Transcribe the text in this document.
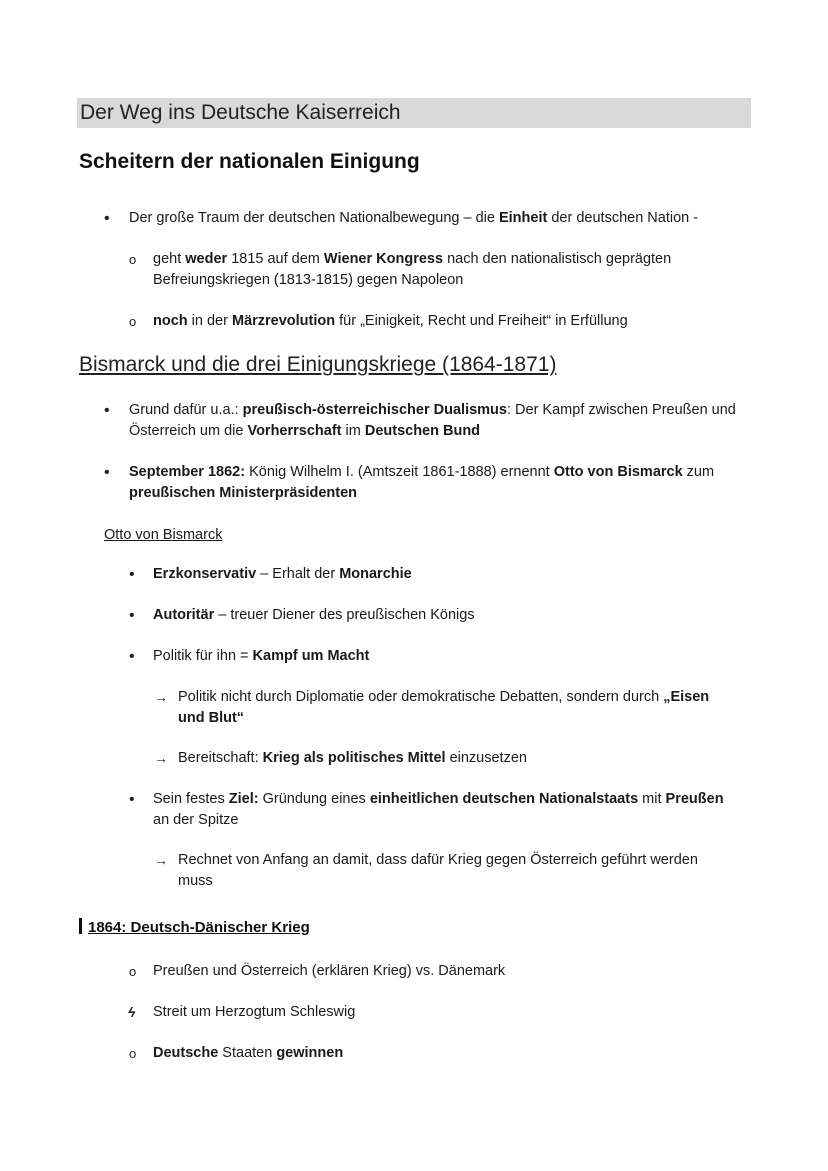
Der Weg ins Deutsche Kaiserreich
Scheitern der nationalen Einigung
• Der große Traum der deutschen Nationalbewegung – die Einheit der deutschen Nation -
o geht weder 1815 auf dem Wiener Kongress nach den nationalistisch geprägten
Befreiungskriegen (1813-1815) gegen Napoleon
o noch in der Märzrevolution für „Einigkeit, Recht und Freiheit“ in Erfüllung
Bismarck und die drei Einigungskriege (1864-1871)
• Grund dafür u.a.: preußisch-österreichischer Dualismus: Der Kampf zwischen Preußen und
Österreich um die Vorherrschaft im Deutschen Bund
• September 1862: König Wilhelm I. (Amtszeit 1861-1888) ernennt Otto von Bismarck zum
preußischen Ministerpräsidenten
Otto von Bismarck
• Erzkonservativ – Erhalt der Monarchie
• Autoritär – treuer Diener des preußischen Königs
• Politik für ihn = Kampf um Macht
→ Politik nicht durch Diplomatie oder demokratische Debatten, sondern durch „Eisen
und Blut“
→ Bereitschaft: Krieg als politisches Mittel einzusetzen
• Sein festes Ziel: Gründung eines einheitlichen deutschen Nationalstaats mit Preußen
an der Spitze
→ Rechnet von Anfang an damit, dass dafür Krieg gegen Österreich geführt werden
muss
1864: Deutsch-Dänischer Krieg
o Preußen und Österreich (erklären Krieg) vs. Dänemark
ϟ Streit um Herzogtum Schleswig
o Deutsche Staaten gewinnen
